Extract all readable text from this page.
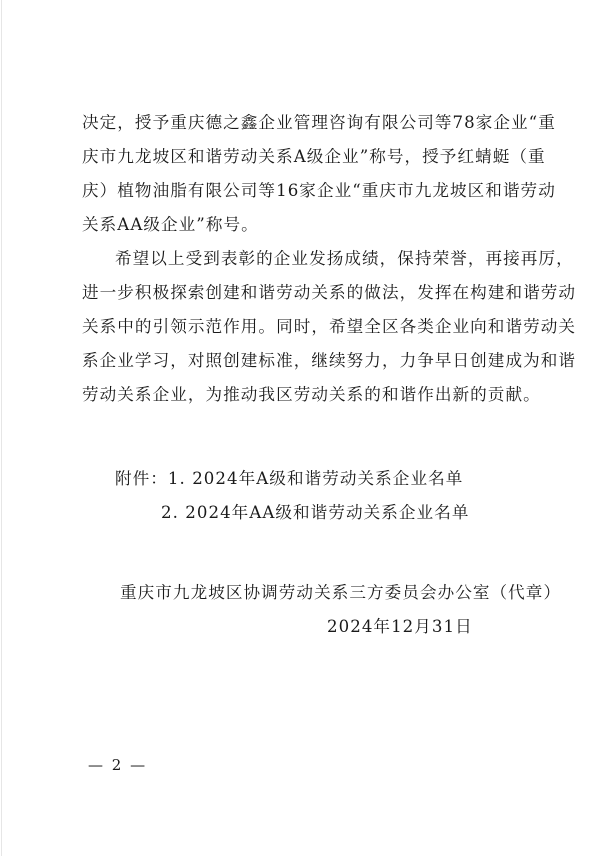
决定，授予重庆德之鑫企业管理咨询有限公司等78家企业“重
庆市九龙坡区和谐劳动关系A级企业”称号，授予红蜻蜓（重
庆）植物油脂有限公司等16家企业“重庆市九龙坡区和谐劳动
关系AA级企业”称号。
希望以上受到表彰的企业发扬成绩，保持荣誉，再接再厉，
进一步积极探索创建和谐劳动关系的做法，发挥在构建和谐劳动
关系中的引领示范作用。同时，希望全区各类企业向和谐劳动关
系企业学习，对照创建标准，继续努力，力争早日创建成为和谐
劳动关系企业，为推动我区劳动关系的和谐作出新的贡献。
附件：1. 2024年A级和谐劳动关系企业名单
2. 2024年AA级和谐劳动关系企业名单
重庆市九龙坡区协调劳动关系三方委员会办公室（代章）
2024年12月31日
— 2 —
